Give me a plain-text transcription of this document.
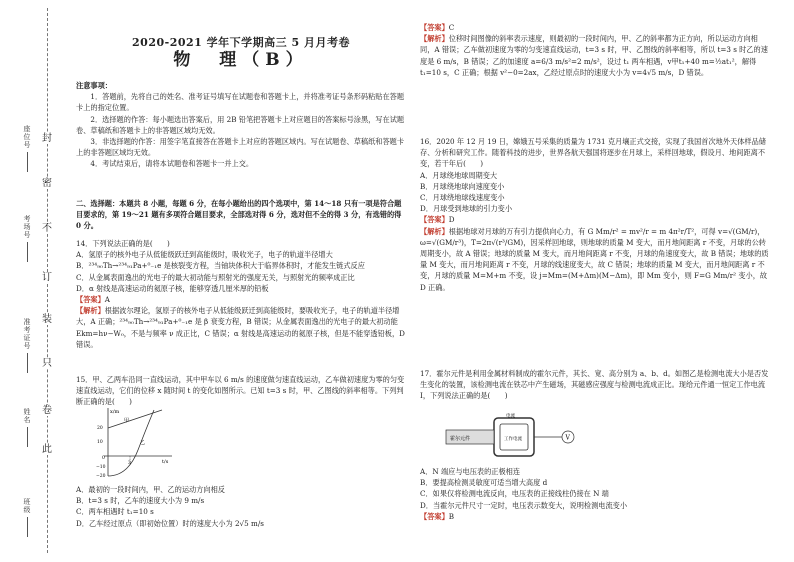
封
密
不
订
装
只
卷
此
座位号
考场号
准考证号
姓名
班级
2020-2021 学年下学期高三 5 月月考卷
物　理（B）

注意事项：

1．答题前，先将自己的姓名、准考证号填写在试题卷和答题卡上，并将准考证号条形码粘贴在答题卡上的指定位置。

2．选择题的作答：每小题选出答案后，用 2B 铅笔把答题卡上对应题目的答案标号涂黑，写在试题卷、草稿纸和答题卡上的非答题区域均无效。

3．非选择题的作答：用签字笔直接答在答题卡上对应的答题区域内。写在试题卷、草稿纸和答题卡上的非答题区域均无效。

4．考试结束后，请将本试题卷和答题卡一并上交。

二、选择题：本题共 8 小题，每题 6 分，在每小题给出的四个选项中，第 14～18 只有一项是符合题目要求的，第 19～21 题有多项符合题目要求，全部选对得 6 分，选对但不全的得 3 分，有选错的得 0 分。

14．下列说法正确的是(　　)

A．氢原子的核外电子从低能级跃迁到高能级时，吸收光子，电子的轨道半径增大

B．²³⁴₉₀Th→²³⁴₉₁Pa+⁰₋₁e 是核裂变方程，当铀块体积大于临界体积时，才能发生链式反应

C．从金属表面逸出的光电子的最大初动能与照射光的强度无关，与照射光的频率成正比

D．α 射线是高速运动的氦原子核，能够穿透几厘米厚的铅板

【答案】A

【解析】根据波尔理论，氢原子的核外电子从低能级跃迁到高能级时，要吸收光子，电子的轨道半径增大，A 正确；²³⁴₉₀Th→²³⁴₉₁Pa+⁰₋₁e 是 β 衰变方程，B 错误；从金属表面逸出的光电子的最大初动能 Ekm=hν−W₀，不是与频率 ν 成正比，C 错误；α 射线是高速运动的氦原子核，但是不能穿透铅板，D 错误。

15．甲、乙两车沿同一直线运动，其中甲车以 6 m/s 的速度做匀速直线运动，乙车做初速度为零的匀变速直线运动，它们的位移 x 随时间 t 的变化如图所示。已知 t=3 s 时，甲、乙图线的斜率相等。下列判断正确的是(　　)

x/m
t/s
20
10
0
−10
−20
3
甲
乙

A．最初的一段时间内，甲、乙的运动方向相反

B．t=3 s 时，乙车的速度大小为 9 m/s

C．两车相遇时 t₁=10 s

D．乙车经过原点（即初始位置）时的速度大小为 2√5 m/s

【答案】C

【解析】位移时间图像的斜率表示速度，则最初的一段时间内，甲、乙的斜率都为正方向，所以运动方向相同，A 错误；乙车做初速度为零的匀变速直线运动，t=3 s 时，甲、乙图线的斜率相等，所以 t=3 s 时乙的速度是 6 m/s，B 错误；乙的加速度 a=6/3 m/s²=2 m/s²，设过 t₁ 两车相遇，v甲t₁+40 m=½at₁²，解得 t₁=10 s，C 正确；根据 v²−0=2ax，乙经过原点时的速度大小为 v=4√5 m/s，D 错误。

16．2020 年 12 月 19 日，嫦娥五号采集的质量为 1731 克月壤正式交接，实现了我国首次地外天体样品储存、分析和研究工作。随着科技的进步，世界各航天强国将逐步在月球上，采样回地球，假设月、地间距离不变，若干年后(　　)

A．月球绕地球周期变大

B．月球绕地球向速度变小

C．月球绕地球线速度变小

D．月球受到地球的引力变小

【答案】D

【解析】根据地球对月球的万有引力提供向心力，有 G Mm/r² = mv²/r = m 4π²r/T²，可得 v=√(GM/r)，ω=√(GM/r³)，T=2π√(r³/GM)，因采样回地球，则地球的质量 M 变大，而月地间距离 r 不变，月球的公转周期变小，故 A 错误；地球的质量 M 变大，而月地间距离 r 不变，月球的角速度变大，故 B 错误；地球的质量 M 变大，而月地间距离 r 不变，月球的线速度变大，故 C 错误；地球的质量 M 变大，而月地间距离 r 不变，月球的质量 M=M+m 不变，设 j=Mm=(M+Δm)(M−Δm)，即 Mm 变小，则 F=G Mm/r² 变小，故 D 正确。

17．霍尔元件是利用金属材料制成的霍尔元件，其长、宽、高分别为 a、b、d。如图乙是检测电流大小是否发生变化的装置，该检测电流在铁芯中产生磁场，其磁感应强度与检测电流成正比。现给元件通一恒定工作电流 I，下列说法正确的是(　　)

霍尔元件	工作电流
电流
V

A．N 端应与电压表的正极相连

B．要提高检测灵敏度可适当增大高度 d

C．如果仅将检测电流反向，电压表的正接线柱仍接在 N 端

D．当霍尔元件尺寸一定时，电压表示数变大，说明检测电流变小

【答案】B
